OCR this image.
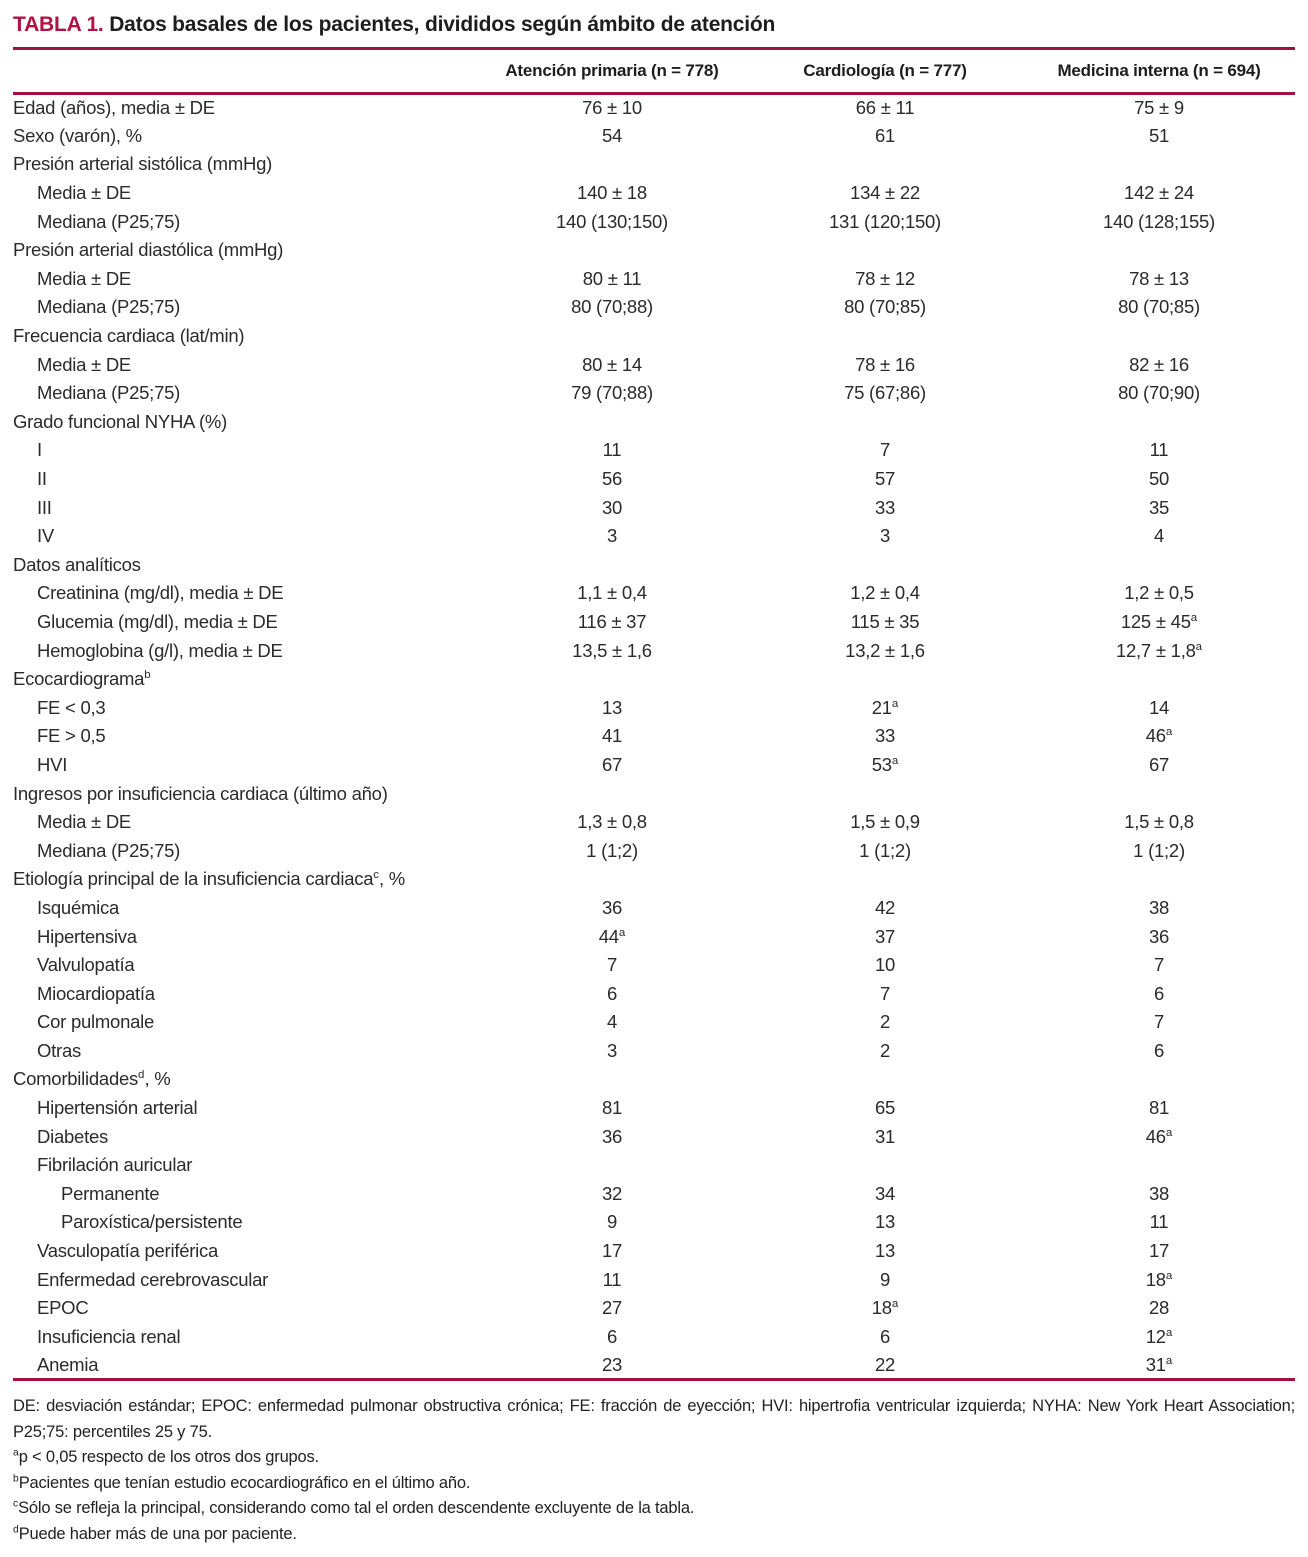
TABLA 1. Datos basales de los pacientes, divididos según ámbito de atención
	Atención primaria (n = 778)	Cardiología (n = 777)	Medicina interna (n = 694)
Edad (años), media ± DE	76 ± 10	66 ± 11	75 ± 9
Sexo (varón), %	54	61	51
Presión arterial sistólica (mmHg)			
Media ± DE	140 ± 18	134 ± 22	142 ± 24
Mediana (P25;75)	140 (130;150)	131 (120;150)	140 (128;155)
Presión arterial diastólica (mmHg)			
Media ± DE	80 ± 11	78 ± 12	78 ± 13
Mediana (P25;75)	80 (70;88)	80 (70;85)	80 (70;85)
Frecuencia cardiaca (lat/min)			
Media ± DE	80 ± 14	78 ± 16	82 ± 16
Mediana (P25;75)	79 (70;88)	75 (67;86)	80 (70;90)
Grado funcional NYHA (%)			
I	11	7	11
II	56	57	50
III	30	33	35
IV	3	3	4
Datos analíticos			
Creatinina (mg/dl), media ± DE	1,1 ± 0,4	1,2 ± 0,4	1,2 ± 0,5
Glucemia (mg/dl), media ± DE	116 ± 37	115 ± 35	$125 \pm 45^a$
Hemoglobina (g/l), media ± DE	13,5 ± 1,6	13,2 ± 1,6	12,7 ± 1,8$^a$
Ecocardiograma$^b$			
FE < 0,3	13	21$^a$	14
FE > 0,5	41	33	46$^a$
HVI	67	53$^a$	67
Ingresos por insuficiencia cardiaca (último año)			
Media ± DE	1,3 ± 0,8	1,5 ± 0,9	1,5 ± 0,8
Mediana (P25;75)	1 (1;2)	1 (1;2)	1 (1;2)
Etiología principal de la insuficiencia cardiaca$^c$, %			
Isquémica	36	42	38
Hipertensiva	44$^a$	37	36
Valvulopatía	7	10	7
Miocardiopatía	6	7	6
Cor pulmonale	4	2	7
Otras	3	2	6
Comorbilidades$^d$, %			
Hipertensión arterial	81	65	81
Diabetes	36	31	46$^a$
Fibrilación auricular			
Permanente	32	34	38
Paroxística/persistente	9	13	11
Vasculopatía periférica	17	13	17
Enfermedad cerebrovascular	11	9	18$^a$
EPOC	27	18$^a$	28
Insuficiencia renal	6	6	12$^a$
Anemia	23	22	31$^a$

DE: desviación estándar; EPOC: enfermedad pulmonar obstructiva crónica; FE: fracción de eyección; HVI: hipertrofia ventricular izquierda; NYHA: New York Heart Association; P25;75: percentiles 25 y 75.

$^a$p < 0,05 respecto de los otros dos grupos.

$^b$Pacientes que tenían estudio ecocardiográfico en el último año.

$^c$Sólo se refleja la principal, considerando como tal el orden descendente excluyente de la tabla.

$^d$Puede haber más de una por paciente.
